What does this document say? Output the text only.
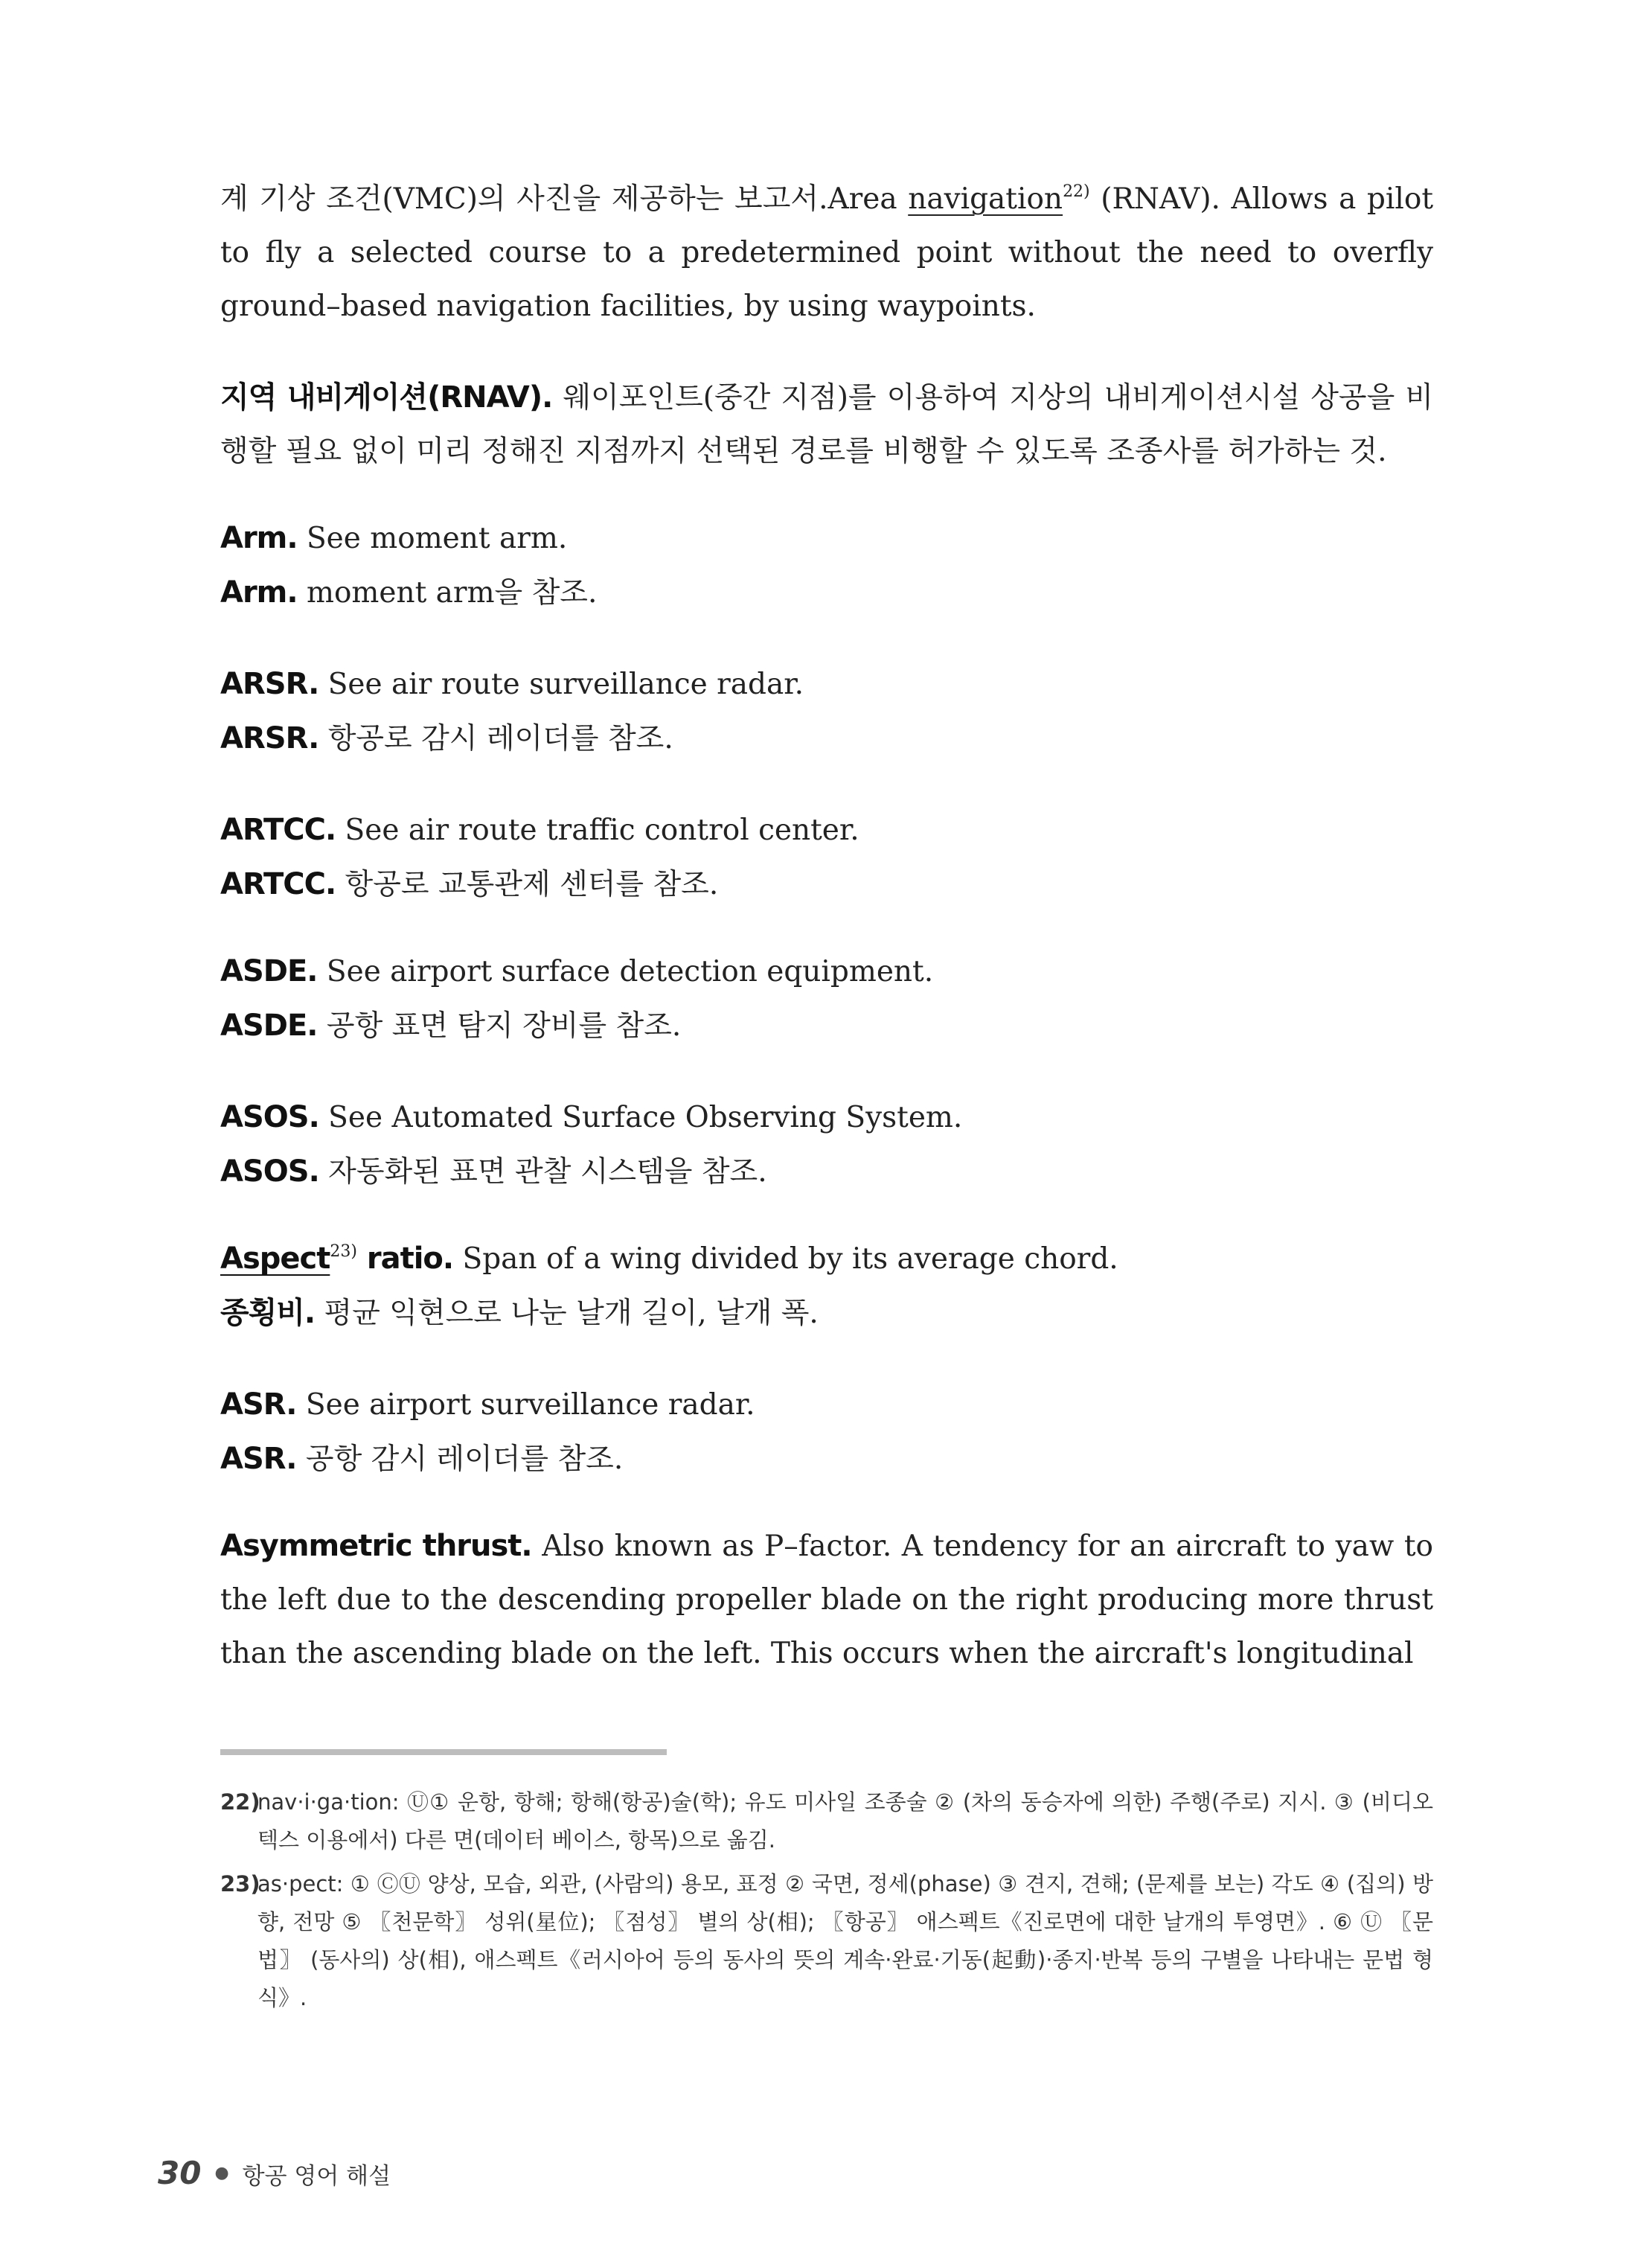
계 기상 조건(VMC)의 사진을 제공하는 보고서.Area navigation$^{22)}$ (RNAV). Allows a pilot to fly a selected course to a predetermined point without the need to overfly ground–based navigation facilities, by using waypoints.

지역 내비게이션(RNAV). 웨이포인트(중간 지점)를 이용하여 지상의 내비게이션시설 상공을 비행할 필요 없이 미리 정해진 지점까지 선택된 경로를 비행할 수 있도록 조종사를 허가하는 것.

Arm. See moment arm.

Arm. moment arm을 참조.

ARSR. See air route surveillance radar.

ARSR. 항공로 감시 레이더를 참조.

ARTCC. See air route traffic control center.

ARTCC. 항공로 교통관제 센터를 참조.

ASDE. See airport surface detection equipment.

ASDE. 공항 표면 탐지 장비를 참조.

ASOS. See Automated Surface Observing System.

ASOS. 자동화된 표면 관찰 시스템을 참조.

Aspect$^{23)}$ ratio. Span of a wing divided by its average chord.

종횡비. 평균 익현으로 나눈 날개 길이, 날개 폭.

ASR. See airport surveillance radar.

ASR. 공항 감시 레이더를 참조.

Asymmetric thrust. Also known as P–factor. A tendency for an aircraft to yaw to the left due to the descending propeller blade on the right producing more thrust than the ascending blade on the left. This occurs when the aircraft's longitudinal

22)
nav·i·ga·tion: Ⓤ① 운항, 항해; 항해(항공)술(학); 유도 미사일 조종술 ② (차의 동승자에 의한) 주행(주로) 지시. ③ (비디오텍스 이용에서) 다른 면(데이터 베이스, 항목)으로 옮김.
23)
as·pect: ① ⒸⓊ 양상, 모습, 외관, (사람의) 용모, 표정 ② 국면, 정세(phase) ③ 견지, 견해; (문제를 보는) 각도 ④ (집의) 방향, 전망 ⑤ 〖천문학〗 성위(星位); 〖점성〗 별의 상(相); 〖항공〗 애스펙트《진로면에 대한 날개의 투영면》. ⑥ Ⓤ 〖문법〗 (동사의) 상(相), 애스펙트《러시아어 등의 동사의 뜻의 계속·완료·기동(起動)·종지·반복 등의 구별을 나타내는 문법 형식》.
30 ● 항공 영어 해설
